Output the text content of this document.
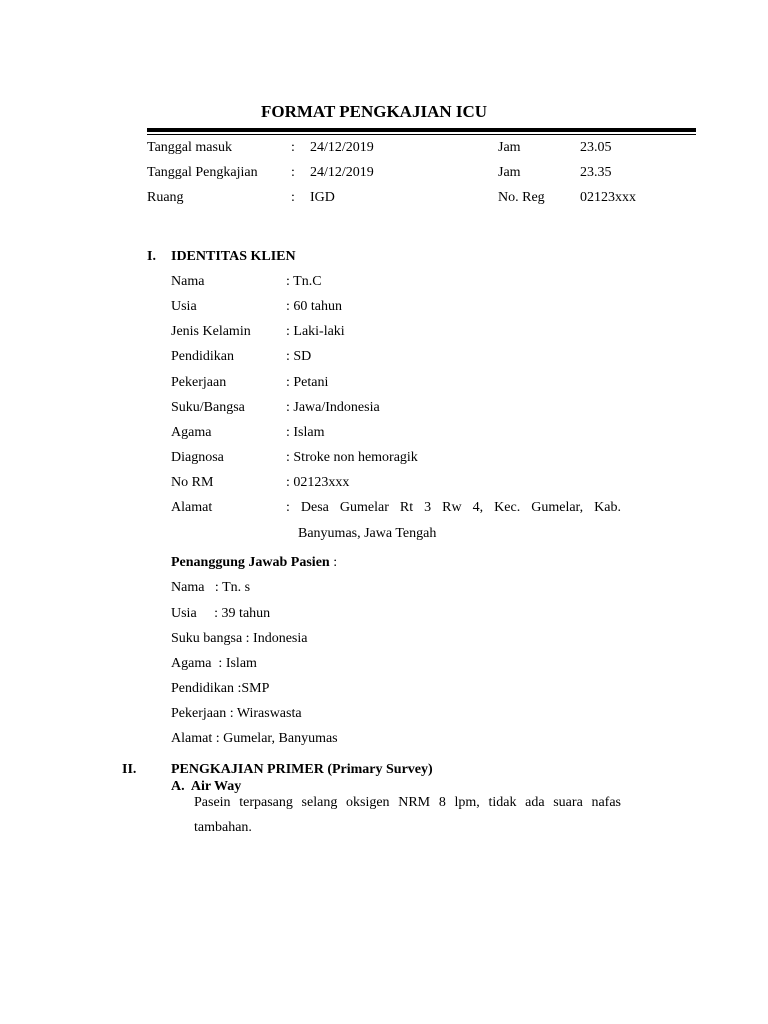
FORMAT PENGKAJIAN ICU
Tanggal masuk	: 24/12/2019	Jam	23.05
Tanggal Pengkajian : 24/12/2019	Jam	23.35
Ruang	: IGD	No. Reg	02123xxx
I. IDENTITAS KLIEN
Nama	: Tn.C
Usia	: 60 tahun
Jenis Kelamin	: Laki-laki
Pendidikan	: SD
Pekerjaan	: Petani
Suku/Bangsa	: Jawa/Indonesia
Agama	: Islam
Diagnosa	: Stroke non hemoragik
No RM	: 02123xxx
Alamat	: Desa Gumelar Rt 3 Rw 4, Kec. Gumelar, Kab.
Banyumas, Jawa Tengah
Penanggung Jawab Pasien :
Nama   : Tn. s
Usia     : 39 tahun
Suku bangsa : Indonesia
Agama  : Islam
Pendidikan :SMP
Pekerjaan : Wiraswasta
Alamat : Gumelar, Banyumas
II. PENGKAJIAN PRIMER (Primary Survey)
A.  Air Way
Pasein terpasang selang oksigen NRM 8 lpm, tidak ada suara nafas
tambahan.
